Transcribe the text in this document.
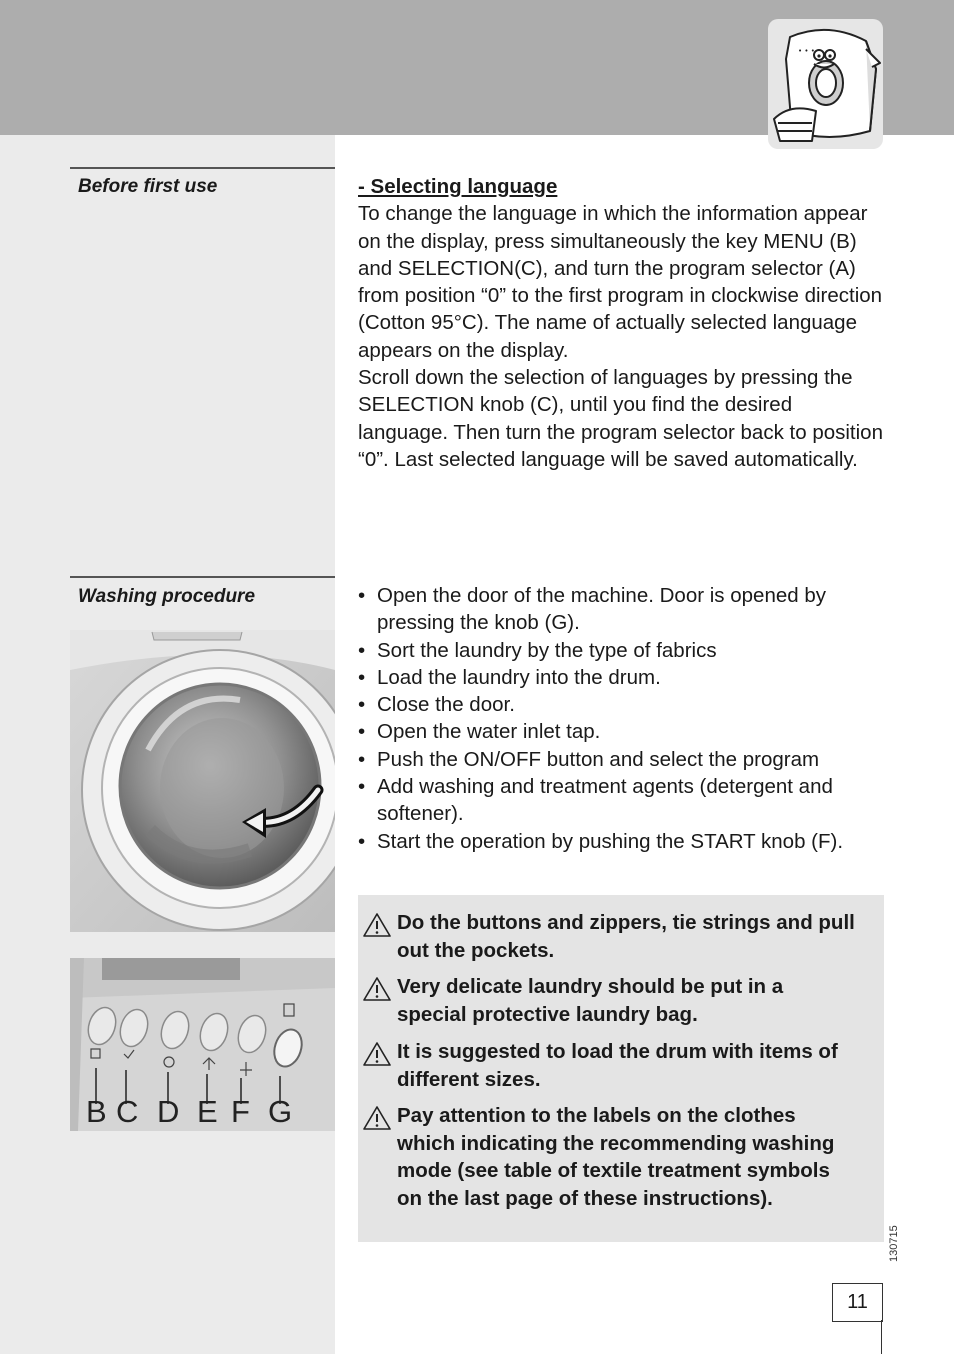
• • •
Before first use	- Selecting language

To change the language in which the information appear on the display, press simultaneously the key MENU (B) and SELECTION(C), and turn the program selector (A) from position “0” to the first program in clockwise direction (Cotton 95°C). The name of actually selected language appears on the display.

Scroll down the selection of languages by pressing the SELECTION knob (C), until you find the desired language. Then turn the program selector back to position “0”. Last selected language will be saved automatically.

Washing procedure	• Open the door of the machine. Door is opened by pressing the knob (G).
• Sort the laundry by the type of fabrics
• Load the laundry into the drum.
• Close the door.
• Open the water inlet tap.
• Push the ON/OFF button and select the program
• Add washing and treatment agents (detergent and softener).
• Start the operation by pushing the START knob (F).
B C D E F G
Do the buttons and zippers, tie strings and pull out the pockets.
Very delicate laundry should be put in a special protective laundry bag.
It is suggested to load the drum with items of different sizes.
Pay attention to the labels on the clothes which indicating the recommending washing mode (see table of textile treatment symbols on the last page of these instructions).
130715
11
